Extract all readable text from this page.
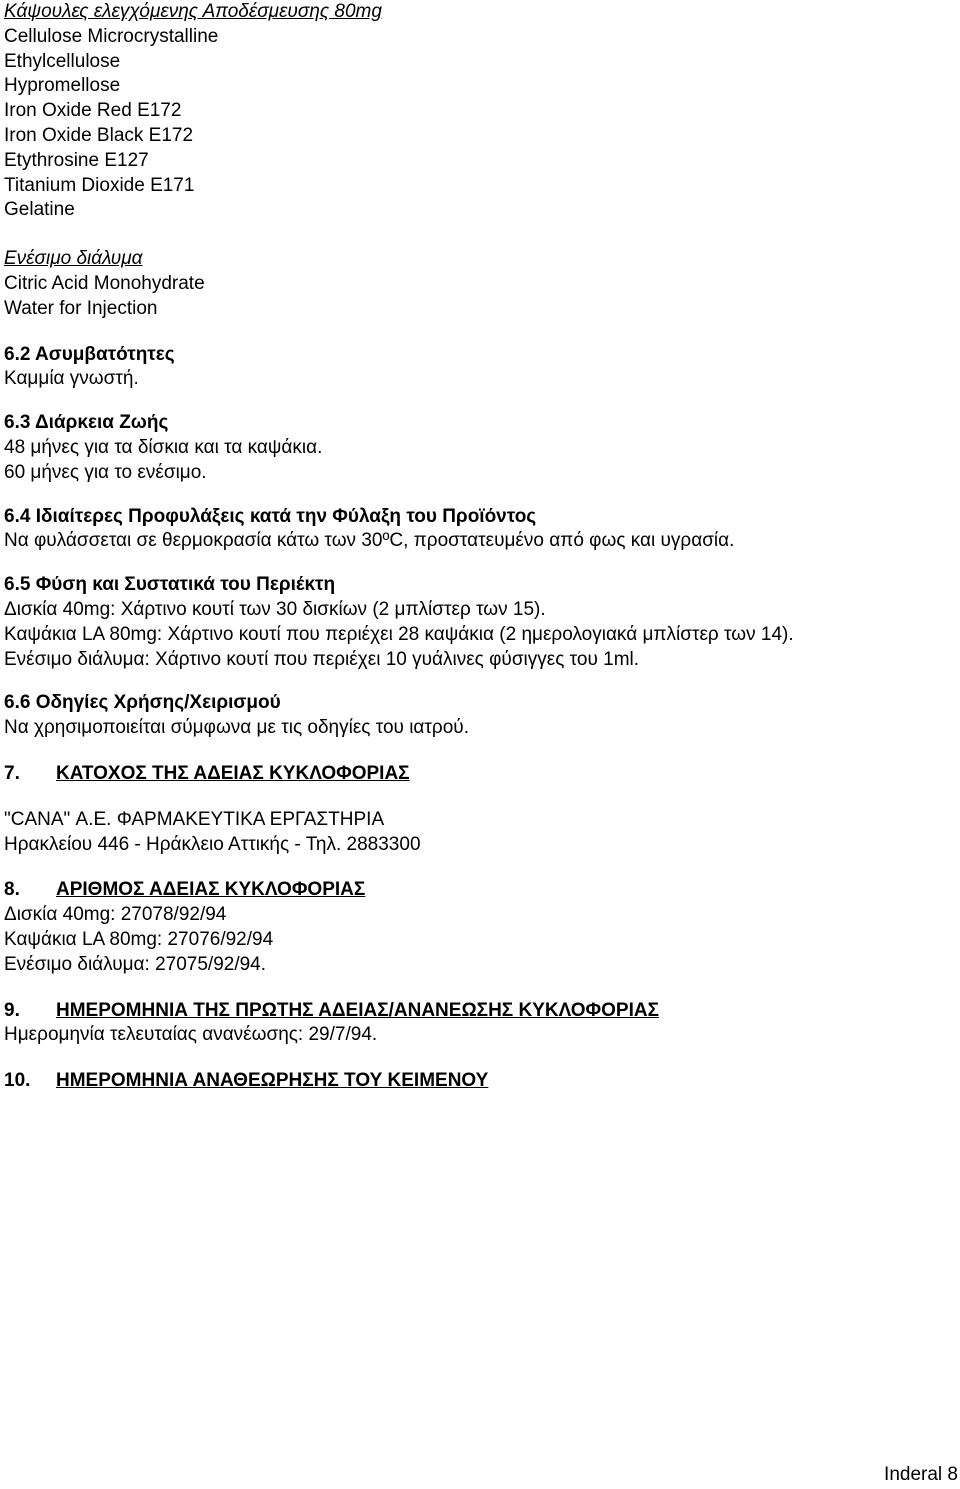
Κάψουλες ελεγχόμενης Αποδέσμευσης 80mg

Cellulose Microcrystalline

Ethylcellulose

Hypromellose

Iron Oxide Red E172

Iron Oxide Black E172

Etythrosine E127

Titanium Dioxide E171

Gelatine

Ενέσιμο διάλυμα

Citric Acid Monohydrate

Water for Injection

6.2 Ασυμβατότητες

Καμμία γνωστή.

6.3 Διάρκεια Ζωής

48 μήνες για τα δίσκια και τα καψάκια.

60 μήνες για το ενέσιμο.

6.4 Ιδιαίτερες Προφυλάξεις κατά την Φύλαξη του Προϊόντος

Να φυλάσσεται σε θερμοκρασία κάτω των 30ºC, προστατευμένο από φως και υγρασία.

6.5 Φύση και Συστατικά του Περιέκτη

Δισκία 40mg: Χάρτινο κουτί των 30 δισκίων (2 μπλίστερ των 15).

Καψάκια LA 80mg: Χάρτινο κουτί που περιέχει 28 καψάκια (2 ημερολογιακά μπλίστερ των 14).

Ενέσιμο διάλυμα: Χάρτινο κουτί που περιέχει 10 γυάλινες φύσιγγες του 1ml.

6.6 Οδηγίες Χρήσης/Χειρισμού

Να χρησιμοποιείται σύμφωνα με τις οδηγίες του ιατρού.

7. ΚΑΤΟΧΟΣ ΤΗΣ ΑΔΕΙΑΣ ΚΥΚΛΟΦΟΡΙΑΣ

"CANA" Α.Ε. ΦΑΡΜΑΚΕΥΤΙΚΑ ΕΡΓΑΣΤΗΡΙΑ

Ηρακλείου 446 - Ηράκλειο Αττικής - Τηλ. 2883300

8. ΑΡΙΘΜΟΣ ΑΔΕΙΑΣ ΚΥΚΛΟΦΟΡΙΑΣ

Δισκία 40mg: 27078/92/94

Καψάκια LA 80mg: 27076/92/94

Ενέσιμο διάλυμα: 27075/92/94.

9. ΗΜΕΡΟΜΗΝΙΑ ΤΗΣ ΠΡΩΤΗΣ ΑΔΕΙΑΣ/ΑΝΑΝΕΩΣΗΣ ΚΥΚΛΟΦΟΡΙΑΣ

Ημερομηνία τελευταίας ανανέωσης: 29/7/94.

10. ΗΜΕΡΟΜΗΝΙΑ ΑΝΑΘΕΩΡΗΣΗΣ ΤΟΥ ΚΕΙΜΕΝΟΥ

Inderal 8
